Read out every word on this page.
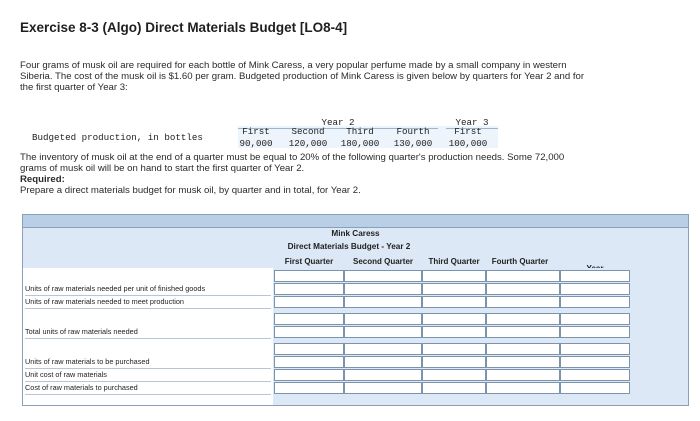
Exercise 8-3 (Algo) Direct Materials Budget [LO8-4]
Four grams of musk oil are required for each bottle of Mink Caress, a very popular perfume made by a small company in western
Siberia. The cost of the musk oil is $1.60 per gram. Budgeted production of Mink Caress is given below by quarters for Year 2 and for
the first quarter of Year 3:
Year 2	Year 3
Budgeted production, in bottles
First	Second	Third	Fourth	First
90,000	120,000	180,000	130,000	100,000
The inventory of musk oil at the end of a quarter must be equal to 20% of the following quarter's production needs. Some 72,000
grams of musk oil will be on hand to start the first quarter of Year 2.
Required:
Prepare a direct materials budget for musk oil, by quarter and in total, for Year 2.
Mink Caress
Direct Materials Budget - Year 2
First Quarter	Second Quarter	Third Quarter	Fourth Quarter
Units of raw materials needed per unit of finished goods
Units of raw materials needed to meet production
Total units of raw materials needed
Units of raw materials to be purchased
Unit cost of raw materials
Cost of raw materials to purchased
